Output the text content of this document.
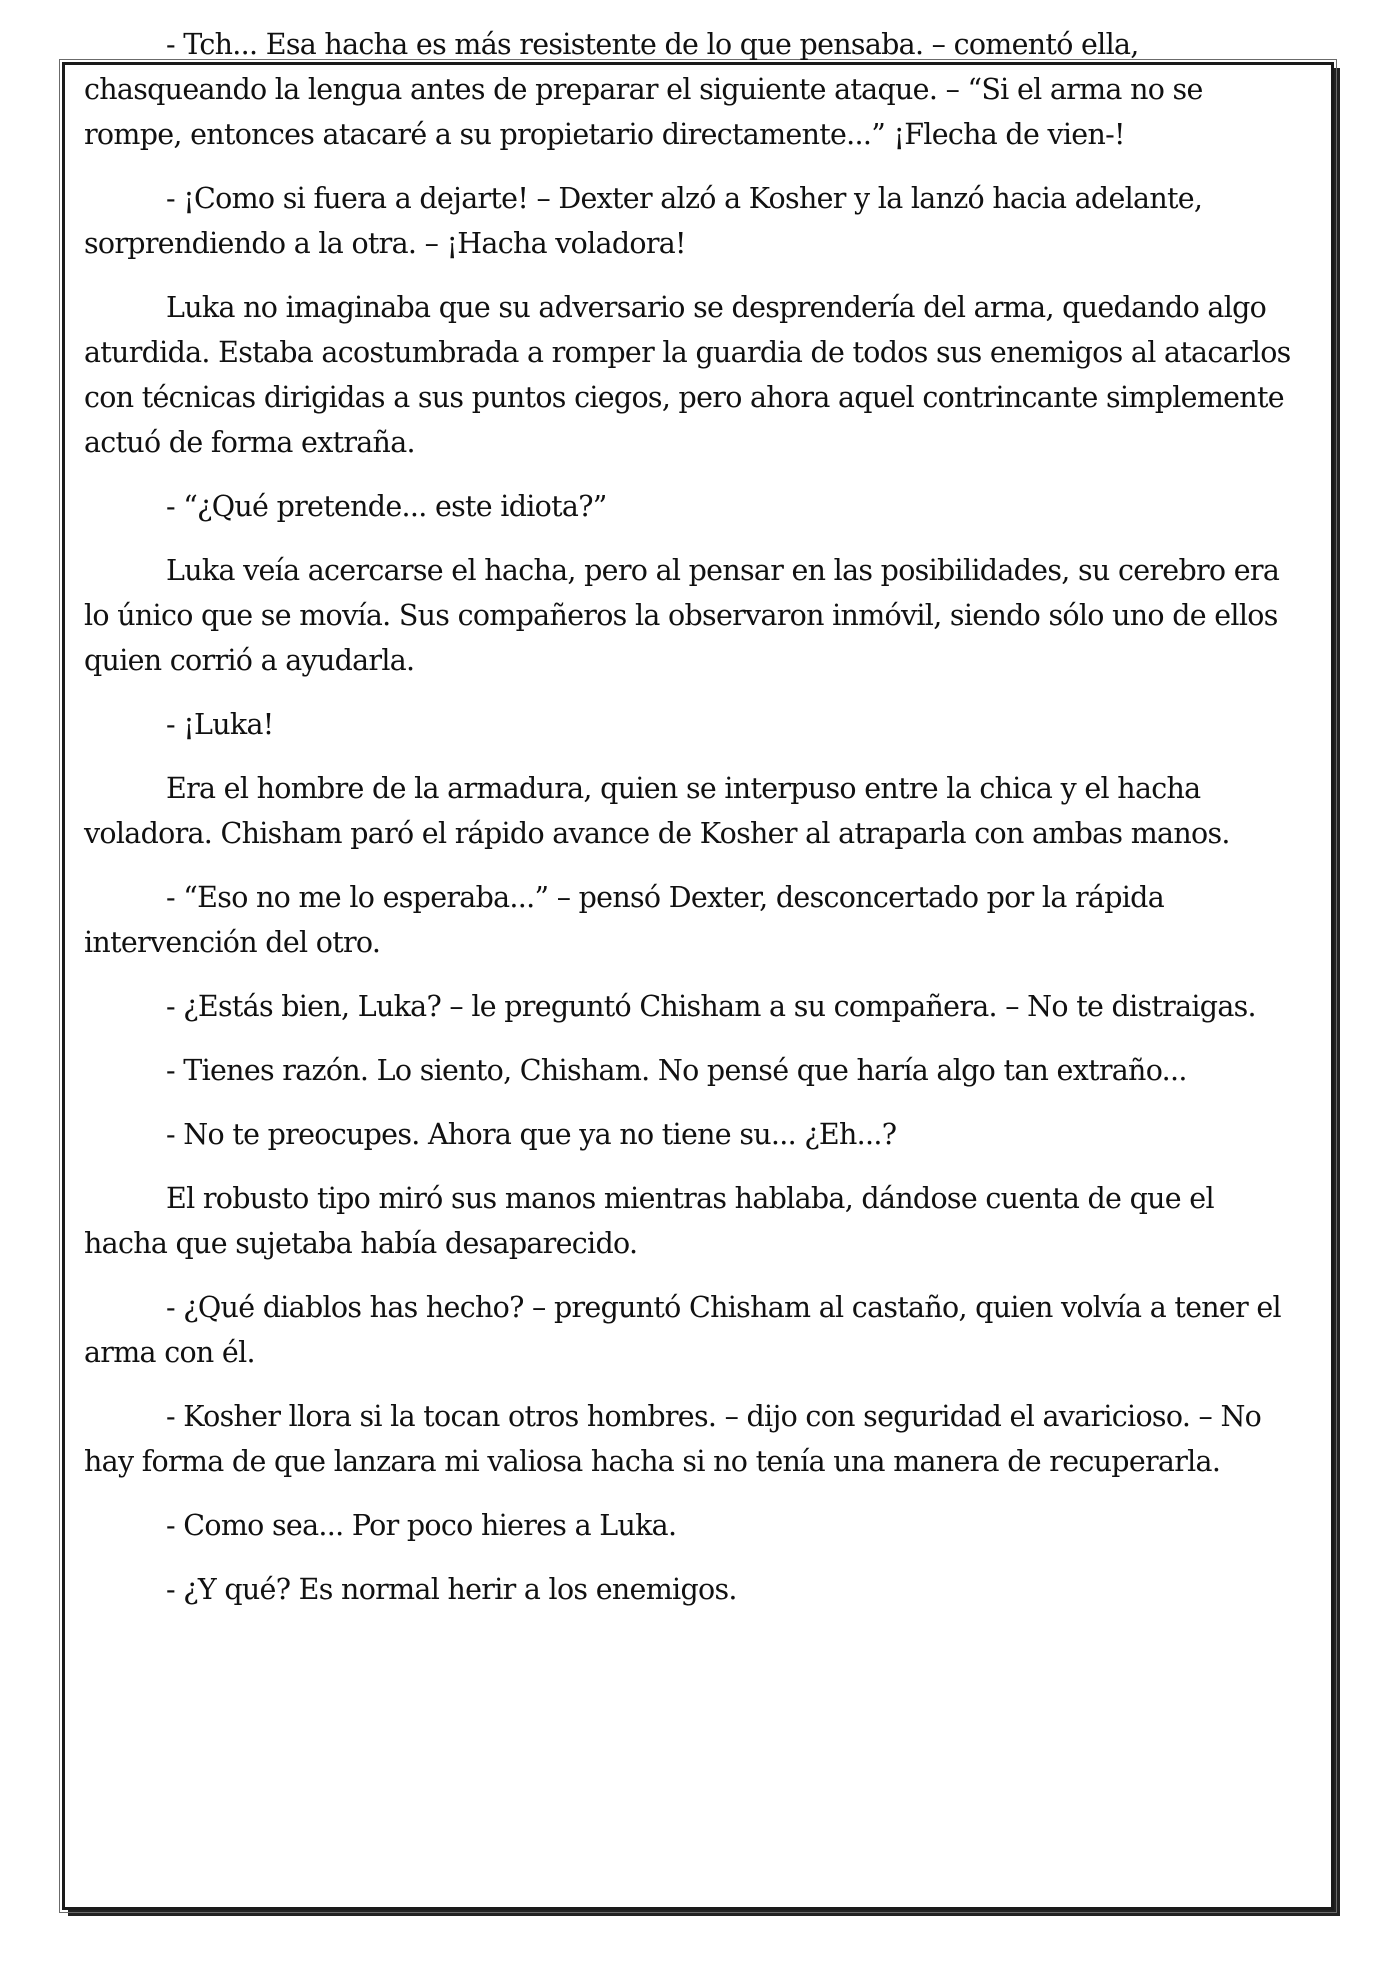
- Tch... Esa hacha es más resistente de lo que pensaba. – comentó ella, chasqueando la lengua antes de preparar el siguiente ataque. – “Si el arma no se rompe, entonces atacaré a su propietario directamente...” ¡Flecha de vien-!

- ¡Como si fuera a dejarte! – Dexter alzó a Kosher y la lanzó hacia adelante, sorprendiendo a la otra. – ¡Hacha voladora!

Luka no imaginaba que su adversario se desprendería del arma, quedando algo aturdida. Estaba acostumbrada a romper la guardia de todos sus enemigos al atacarlos con técnicas dirigidas a sus puntos ciegos, pero ahora aquel contrincante simplemente actuó de forma extraña.

- “¿Qué pretende... este idiota?”

Luka veía acercarse el hacha, pero al pensar en las posibilidades, su cerebro era lo único que se movía. Sus compañeros la observaron inmóvil, siendo sólo uno de ellos quien corrió a ayudarla.

- ¡Luka!

Era el hombre de la armadura, quien se interpuso entre la chica y el hacha voladora. Chisham paró el rápido avance de Kosher al atraparla con ambas manos.

- “Eso no me lo esperaba...” – pensó Dexter, desconcertado por la rápida intervención del otro.

- ¿Estás bien, Luka? – le preguntó Chisham a su compañera. – No te distraigas.

- Tienes razón. Lo siento, Chisham. No pensé que haría algo tan extraño...

- No te preocupes. Ahora que ya no tiene su... ¿Eh...?

El robusto tipo miró sus manos mientras hablaba, dándose cuenta de que el hacha que sujetaba había desaparecido.

- ¿Qué diablos has hecho? – preguntó Chisham al castaño, quien volvía a tener el arma con él.

- Kosher llora si la tocan otros hombres. – dijo con seguridad el avaricioso. – No hay forma de que lanzara mi valiosa hacha si no tenía una manera de recuperarla.

- Como sea... Por poco hieres a Luka.

- ¿Y qué? Es normal herir a los enemigos.
